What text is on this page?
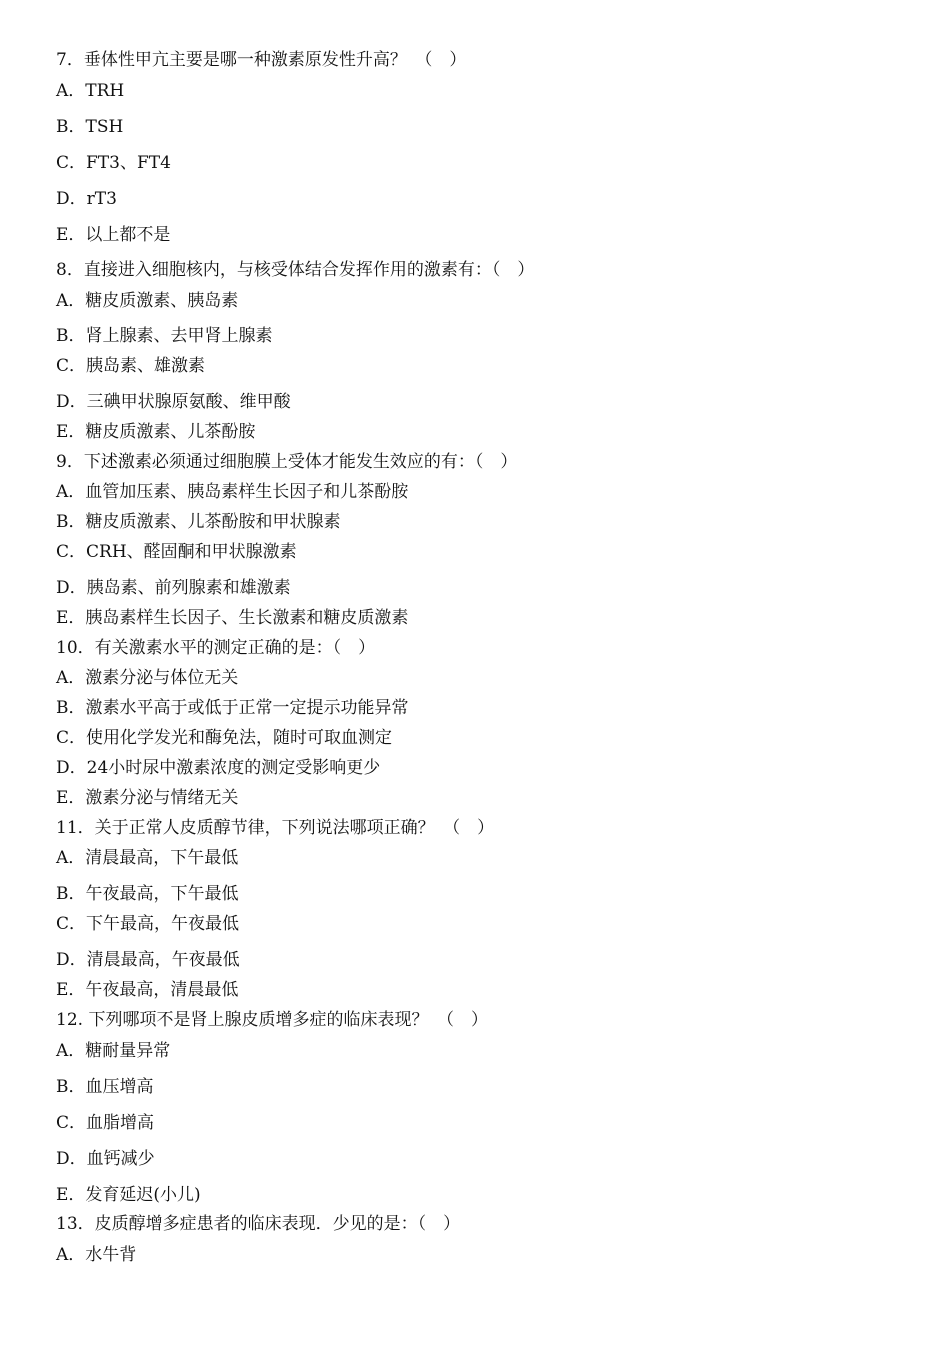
7．垂体性甲亢主要是哪一种激素原发性升高？　（　）
A．TRH
B．TSH
C．FT3、FT4
D．rT3
E．以上都不是
8．直接进入细胞核内，与核受体结合发挥作用的激素有：（　）
A．糖皮质激素、胰岛素
B．肾上腺素、去甲肾上腺素
C．胰岛素、雄激素
D．三碘甲状腺原氨酸、维甲酸
E．糖皮质激素、儿茶酚胺
9．下述激素必须通过细胞膜上受体才能发生效应的有：（　）
A．血管加压素、胰岛素样生长因子和儿茶酚胺
B．糖皮质激素、儿茶酚胺和甲状腺素
C．CRH、醛固酮和甲状腺激素
D．胰岛素、前列腺素和雄激素
E．胰岛素样生长因子、生长激素和糖皮质激素
10．有关激素水平的测定正确的是：（　）
A．激素分泌与体位无关
B．激素水平高于或低于正常一定提示功能异常
C．使用化学发光和酶免法，随时可取血测定
D．24小时尿中激素浓度的测定受影响更少
E．激素分泌与情绪无关
11．关于正常人皮质醇节律，下列说法哪项正确？　（　）
A．清晨最高，下午最低
B．午夜最高，下午最低
C．下午最高，午夜最低
D．清晨最高，午夜最低
E．午夜最高，清晨最低
12. 下列哪项不是肾上腺皮质增多症的临床表现？　（　）
A．糖耐量异常
B．血压增高
C．血脂增高
D．血钙减少
E．发育延迟(小儿)
13．皮质醇增多症患者的临床表现．少见的是：（　）
A．水牛背
